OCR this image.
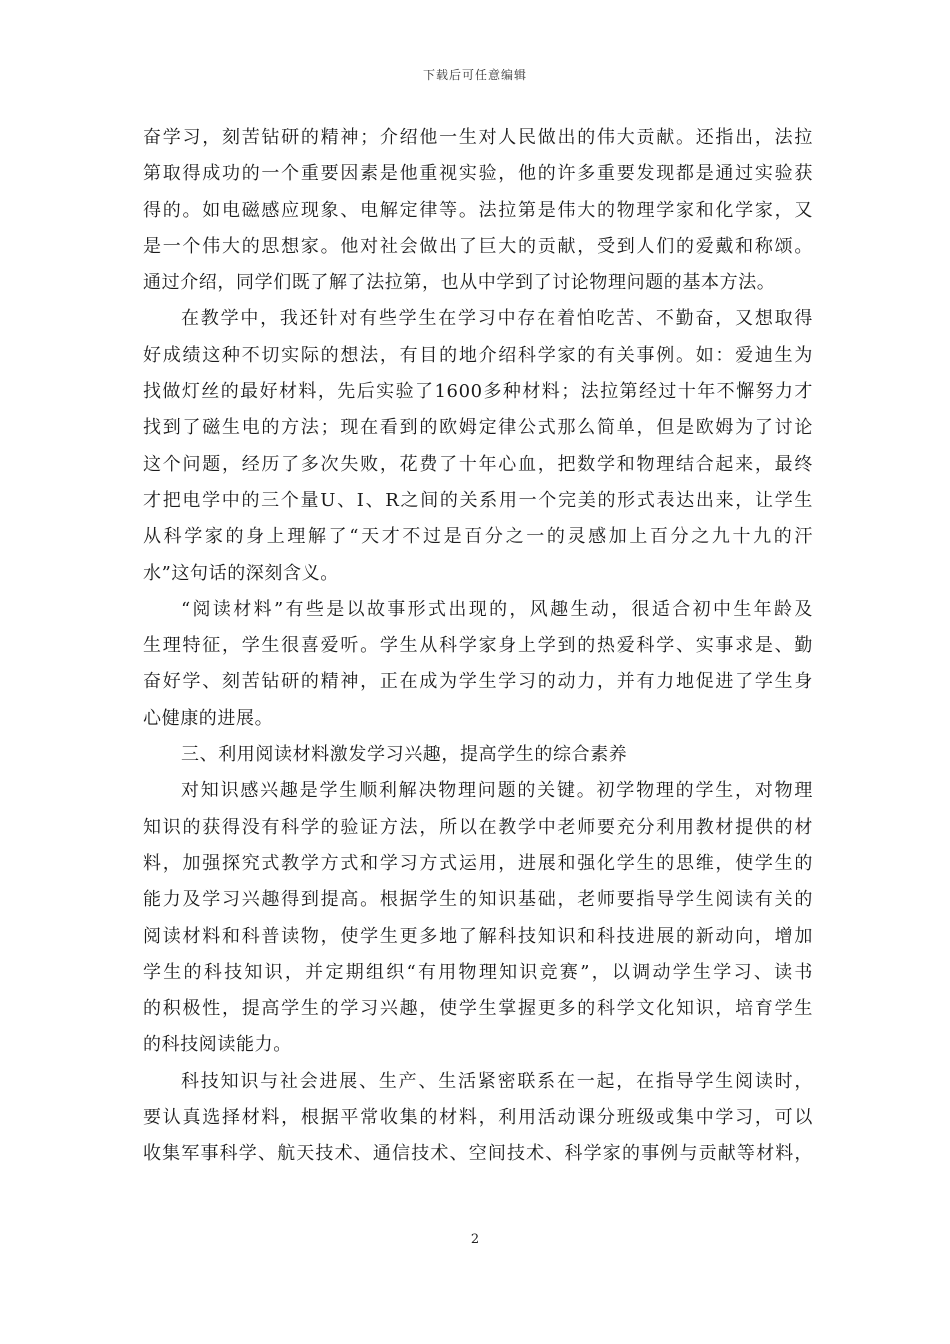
下载后可任意编辑
奋学习，刻苦钻研的精神；介绍他一生对人民做出的伟大贡献。还指出，法拉
第取得成功的一个重要因素是他重视实验，他的许多重要发现都是通过实验获
得的。如电磁感应现象、电解定律等。法拉第是伟大的物理学家和化学家，又
是一个伟大的思想家。他对社会做出了巨大的贡献，受到人们的爱戴和称颂。
通过介绍，同学们既了解了法拉第，也从中学到了讨论物理问题的基本方法。
在教学中，我还针对有些学生在学习中存在着怕吃苦、不勤奋，又想取得
好成绩这种不切实际的想法，有目的地介绍科学家的有关事例。如：爱迪生为
找做灯丝的最好材料，先后实验了1600多种材料；法拉第经过十年不懈努力才
找到了磁生电的方法；现在看到的欧姆定律公式那么简单，但是欧姆为了讨论
这个问题，经历了多次失败，花费了十年心血，把数学和物理结合起来，最终
才把电学中的三个量U、I、R之间的关系用一个完美的形式表达出来，让学生
从科学家的身上理解了“天才不过是百分之一的灵感加上百分之九十九的汗
水”这句话的深刻含义。
“阅读材料”有些是以故事形式出现的，风趣生动，很适合初中生年龄及
生理特征，学生很喜爱听。学生从科学家身上学到的热爱科学、实事求是、勤
奋好学、刻苦钻研的精神，正在成为学生学习的动力，并有力地促进了学生身
心健康的进展。
三、利用阅读材料激发学习兴趣，提高学生的综合素养
对知识感兴趣是学生顺利解决物理问题的关键。初学物理的学生，对物理
知识的获得没有科学的验证方法，所以在教学中老师要充分利用教材提供的材
料，加强探究式教学方式和学习方式运用，进展和强化学生的思维，使学生的
能力及学习兴趣得到提高。根据学生的知识基础，老师要指导学生阅读有关的
阅读材料和科普读物，使学生更多地了解科技知识和科技进展的新动向，增加
学生的科技知识，并定期组织“有用物理知识竞赛”，以调动学生学习、读书
的积极性，提高学生的学习兴趣，使学生掌握更多的科学文化知识，培育学生
的科技阅读能力。
科技知识与社会进展、生产、生活紧密联系在一起，在指导学生阅读时，
要认真选择材料，根据平常收集的材料，利用活动课分班级或集中学习，可以
收集军事科学、航天技术、通信技术、空间技术、科学家的事例与贡献等材料，
2
